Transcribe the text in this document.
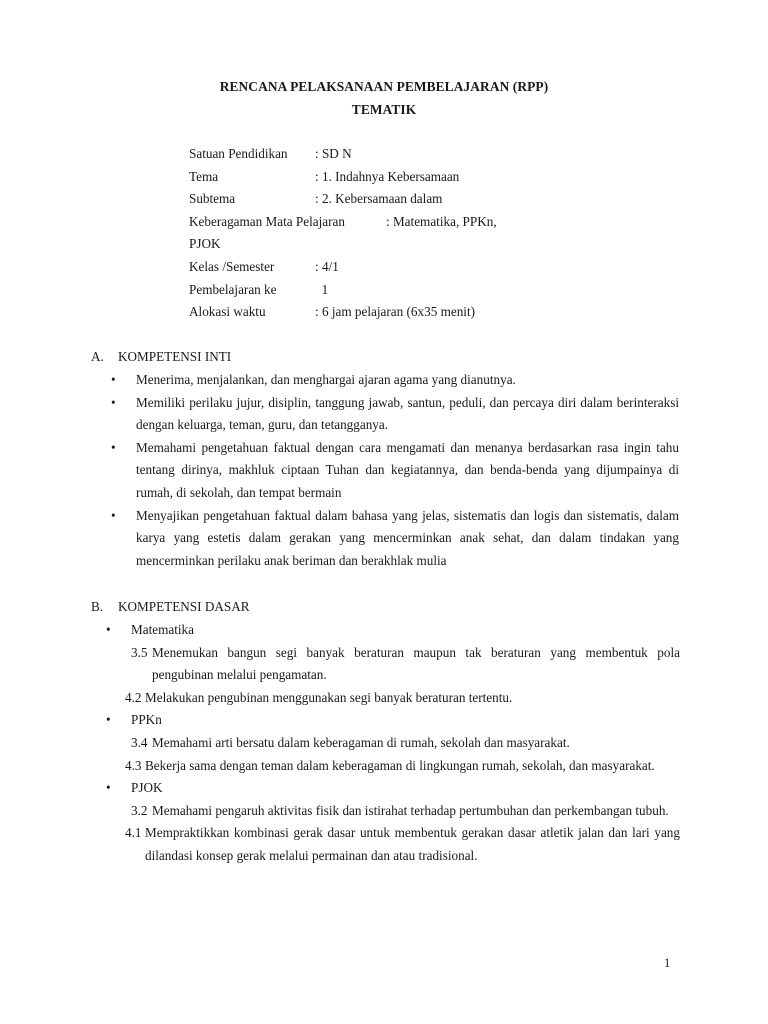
RENCANA PELAKSANAAN PEMBELAJARAN (RPP)
TEMATIK
Satuan Pendidikan : SD N
Tema	: 1. Indahnya Kebersamaan
Subtema	: 2. Kebersamaan dalam
Keberagaman Mata Pelajaran	: Matematika, PPKn,
PJOK
Kelas /Semester	: 4/1
Pembelajaran ke	1
Alokasi waktu	: 6 jam pelajaran (6x35 menit)
A. KOMPETENSI INTI
• Menerima, menjalankan, dan menghargai ajaran agama yang dianutnya.
• Memiliki perilaku jujur, disiplin, tanggung jawab, santun, peduli, dan percaya diri dalam berinteraksi dengan keluarga, teman, guru, dan tetangganya.
• Memahami pengetahuan faktual dengan cara mengamati dan menanya berdasarkan rasa ingin tahu tentang dirinya, makhluk ciptaan Tuhan dan kegiatannya, dan benda-benda yang dijumpainya di rumah, di sekolah, dan tempat bermain
• Menyajikan pengetahuan faktual dalam bahasa yang jelas, sistematis dan logis dan sistematis, dalam karya yang estetis dalam gerakan yang mencerminkan anak sehat, dan dalam tindakan yang mencerminkan perilaku anak beriman dan berakhlak mulia
B. KOMPETENSI DASAR
• Matematika
3.5 Menemukan bangun segi banyak beraturan maupun tak beraturan yang membentuk pola pengubinan melalui pengamatan.
4.2 Melakukan pengubinan menggunakan segi banyak beraturan tertentu.
• PPKn
3.4 Memahami arti bersatu dalam keberagaman di rumah, sekolah dan masyarakat.
4.3 Bekerja sama dengan teman dalam keberagaman di lingkungan rumah, sekolah, dan masyarakat.
• PJOK
3.2 Memahami pengaruh aktivitas fisik dan istirahat terhadap pertumbuhan dan perkembangan tubuh.
4.1 Mempraktikkan kombinasi gerak dasar untuk membentuk gerakan dasar atletik jalan dan lari yang dilandasi konsep gerak melalui permainan dan atau tradisional.
1
